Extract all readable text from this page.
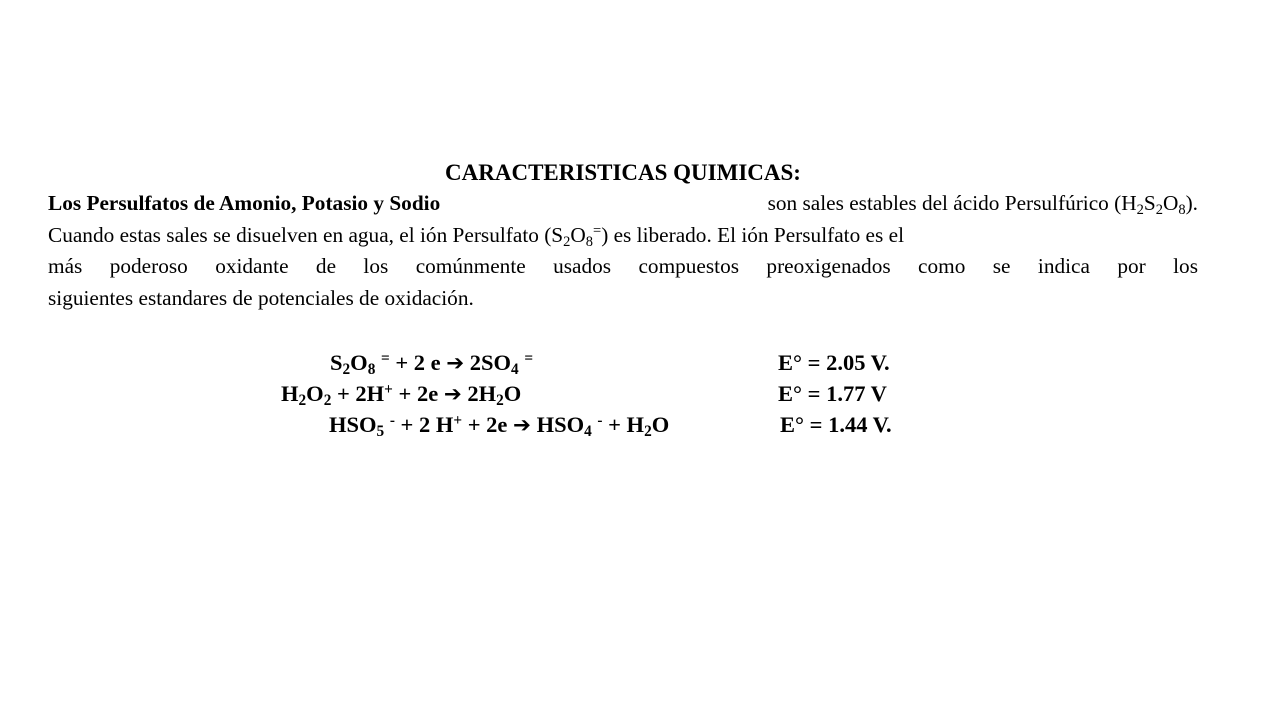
CARACTERISTICAS QUIMICAS:
Los Persulfatos de Amonio, Potasio y Sodio	son sales estables del ácido Persulfúrico $(H_2S_2O_8)$.
Cuando estas sales se disuelven en agua, el ión Persulfato $(S_2O_8^=)$ es liberado. El ión Persulfato es el
más poderoso oxidante de los comúnmente usados compuestos preoxigenados como se indica por los
siguientes estandares de potenciales de oxidación.
$S_2O_8$ = + 2 e ➔ $2SO_4$ =	E° = 2.05 V.
$H_2O_2 + 2H^+ + 2e$ ➔ $2H_2O$	E° = 1.77 V
$HSO_5$ - + 2 H+ + 2e ➔ $HSO_4$ $^- + H_2O$	E° = 1.44 V.
